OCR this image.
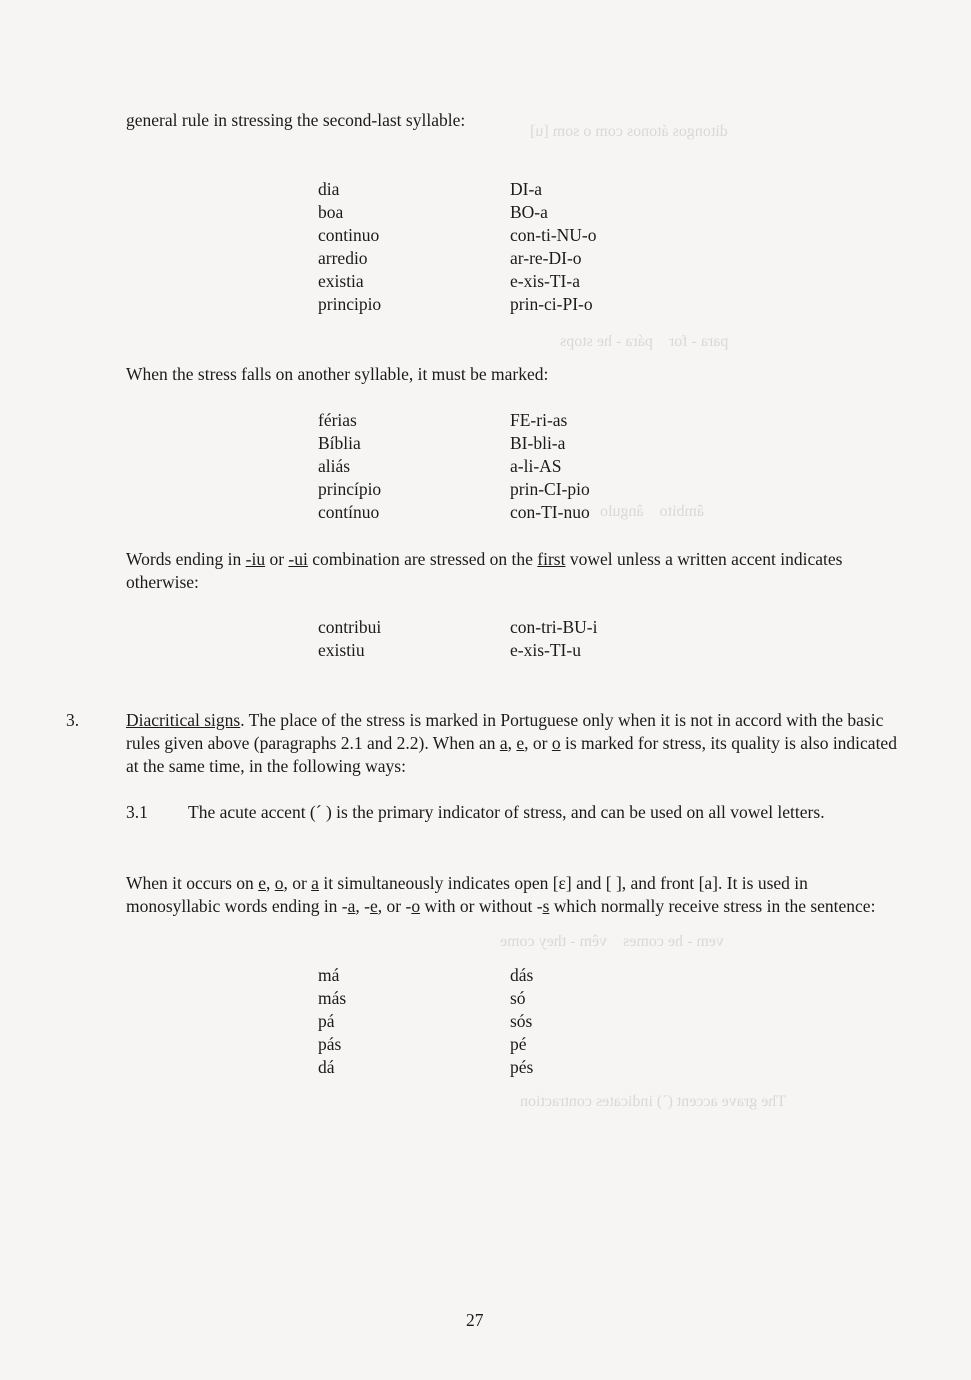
ditongos átonos com o som [u]
para - for    pára - he stops
âmbito    ângulo
vem - he comes    vêm - they come
The grave accent (`) indicates contraction
general rule in stressing the second-last syllable:
dia	DI-a
boa	BO-a
continuo	con-ti-NU-o
arredio	ar-re-DI-o
existia	e-xis-TI-a
principio	prin-ci-PI-o
When the stress falls on another syllable, it must be marked:
férias	FE-ri-as
Bíblia	BI-bli-a
aliás	a-li-AS
princípio	prin-CI-pio
contínuo	con-TI-nuo
Words ending in -iu or -ui combination are stressed on the first vowel unless a written accent indicates otherwise:
contribui	con-tri-BU-i
existiu	e-xis-TI-u
3.	Diacritical signs. The place of the stress is marked in Portuguese only when it is not in accord with the basic rules given above (paragraphs 2.1 and 2.2). When an a, e, or o is marked for stress, its quality is also indicated at the same time, in the following ways:
3.1 The acute accent (´ ) is the primary indicator of stress, and can be used on all vowel letters.
When it occurs on e, o, or a it simultaneously indicates open [ɛ] and [ ], and front [a]. It is used in monosyllabic words ending in -a, -e, or -o with or without -s which normally receive stress in the sentence:
má	dás
más	só
pá	sós
pás	pé
dá	pés
27
